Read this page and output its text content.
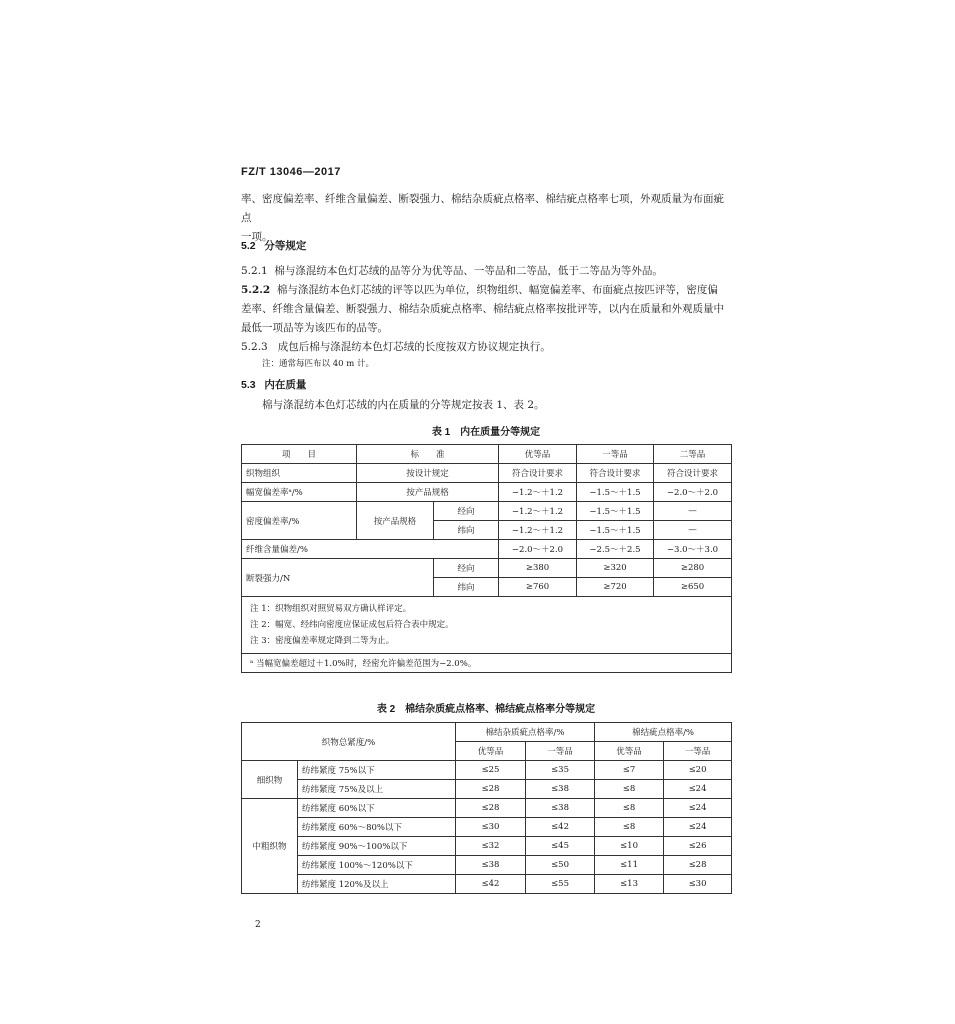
FZ/T 13046—2017
率、密度偏差率、纤维含量偏差、断裂强力、棉结杂质疵点格率、棉结疵点格率七项，外观质量为布面疵点
一项。
5.2 分等规定
5.2.1 棉与涤混纺本色灯芯绒的品等分为优等品、一等品和二等品，低于二等品为等外品。
5.2.2 棉与涤混纺本色灯芯绒的评等以匹为单位，织物组织、幅宽偏差率、布面疵点按匹评等，密度偏
差率、纤维含量偏差、断裂强力、棉结杂质疵点格率、棉结疵点格率按批评等，以内在质量和外观质量中
最低一项品等为该匹布的品等。
5.2.3 成包后棉与涤混纺本色灯芯绒的长度按双方协议规定执行。
注：通常每匹布以 40 m 计。
5.3 内在质量
棉与涤混纺本色灯芯绒的内在质量的分等规定按表 1、表 2。
表 1　内在质量分等规定
项　　目	标　　准		优等品	一等品	二等品
织物组织	按设计规定		符合设计要求	符合设计要求	符合设计要求
幅宽偏差率ᵃ/%	按产品规格		−1.2～＋1.2	−1.5～＋1.5	−2.0～＋2.0
密度偏差率/%	按产品规格	经向	−1.2～＋1.2	−1.5～＋1.5	—
		纬向	−1.2～＋1.2	−1.5～＋1.5	—
纤维含量偏差/%			−2.0～＋2.0	−2.5～＋2.5	−3.0～＋3.0
断裂强力/N		经向	≥380	≥320	≥280
		纬向	≥760	≥720	≥650

注 1：织物组织对照贸易双方确认样评定。
注 2：幅宽、经纬向密度应保证成包后符合表中规定。
注 3：密度偏差率规定降到二等为止。					

ᵃ 当幅宽偏差超过＋1.0%时，经密允许偏差范围为−2.0%。					
表 2　棉结杂质疵点格率、棉结疵点格率分等规定
织物总紧度/%		棉结杂质疵点格率/%		棉结疵点格率/%	
		优等品	一等品	优等品	一等品
细织物	纺纬紧度 75%以下	≤25	≤35	≤7	≤20
	纺纬紧度 75%及以上	≤28	≤38	≤8	≤24
中粗织物	纺纬紧度 60%以下	≤28	≤38	≤8	≤24
	纺纬紧度 60%～80%以下	≤30	≤42	≤8	≤24
	纺纬紧度 90%～100%以下	≤32	≤45	≤10	≤26
	纺纬紧度 100%～120%以下	≤38	≤50	≤11	≤28
	纺纬紧度 120%及以上	≤42	≤55	≤13	≤30
2
